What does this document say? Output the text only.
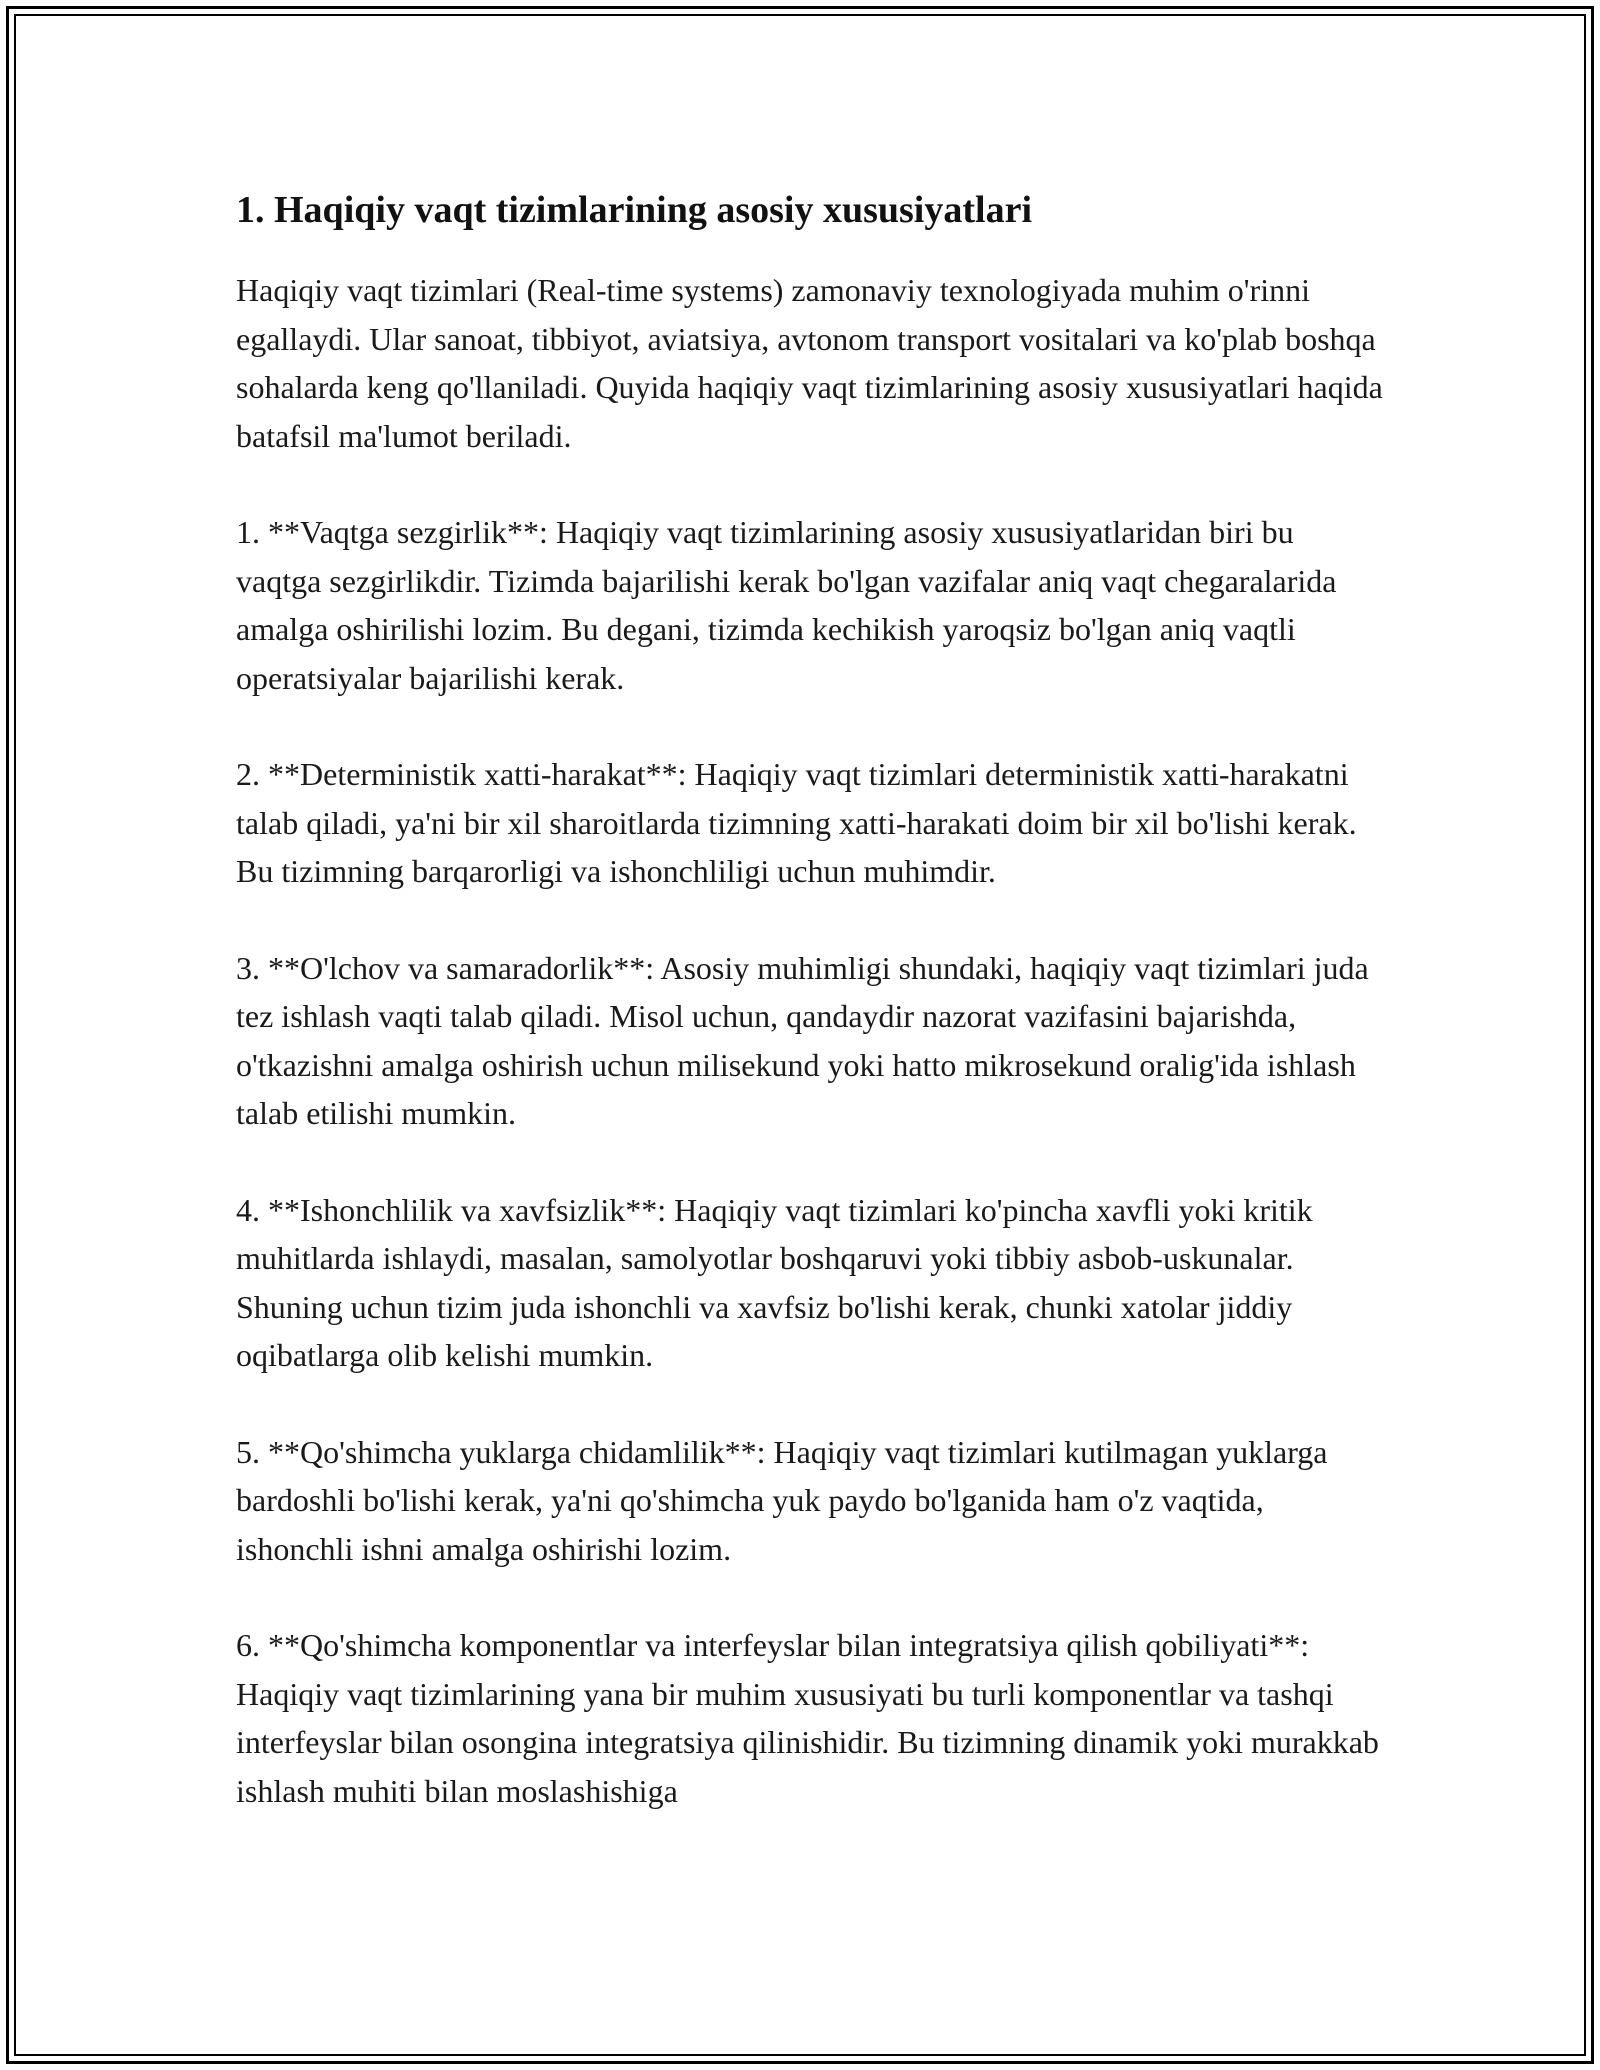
1. Haqiqiy vaqt tizimlarining asosiy xususiyatlari

Haqiqiy vaqt tizimlari (Real-time systems) zamonaviy texnologiyada muhim o'rinni egallaydi. Ular sanoat, tibbiyot, aviatsiya, avtonom transport vositalari va ko'plab boshqa sohalarda keng qo'llaniladi. Quyida haqiqiy vaqt tizimlarining asosiy xususiyatlari haqida batafsil ma'lumot beriladi.

1. **Vaqtga sezgirlik**: Haqiqiy vaqt tizimlarining asosiy xususiyatlaridan biri bu vaqtga sezgirlikdir. Tizimda bajarilishi kerak bo'lgan vazifalar aniq vaqt chegaralarida amalga oshirilishi lozim. Bu degani, tizimda kechikish yaroqsiz bo'lgan aniq vaqtli operatsiyalar bajarilishi kerak.

2. **Deterministik xatti-harakat**: Haqiqiy vaqt tizimlari deterministik xatti-harakatni talab qiladi, ya'ni bir xil sharoitlarda tizimning xatti-harakati doim bir xil bo'lishi kerak. Bu tizimning barqarorligi va ishonchliligi uchun muhimdir.

3. **O'lchov va samaradorlik**: Asosiy muhimligi shundaki, haqiqiy vaqt tizimlari juda tez ishlash vaqti talab qiladi. Misol uchun, qandaydir nazorat vazifasini bajarishda, o'tkazishni amalga oshirish uchun milisekund yoki hatto mikrosekund oralig'ida ishlash talab etilishi mumkin.

4. **Ishonchlilik va xavfsizlik**: Haqiqiy vaqt tizimlari ko'pincha xavfli yoki kritik muhitlarda ishlaydi, masalan, samolyotlar boshqaruvi yoki tibbiy asbob-uskunalar. Shuning uchun tizim juda ishonchli va xavfsiz bo'lishi kerak, chunki xatolar jiddiy oqibatlarga olib kelishi mumkin.

5. **Qo'shimcha yuklarga chidamlilik**: Haqiqiy vaqt tizimlari kutilmagan yuklarga bardoshli bo'lishi kerak, ya'ni qo'shimcha yuk paydo bo'lganida ham o'z vaqtida, ishonchli ishni amalga oshirishi lozim.

6. **Qo'shimcha komponentlar va interfeyslar bilan integratsiya qilish qobiliyati**: Haqiqiy vaqt tizimlarining yana bir muhim xususiyati bu turli komponentlar va tashqi interfeyslar bilan osongina integratsiya qilinishidir. Bu tizimning dinamik yoki murakkab ishlash muhiti bilan moslashishiga
